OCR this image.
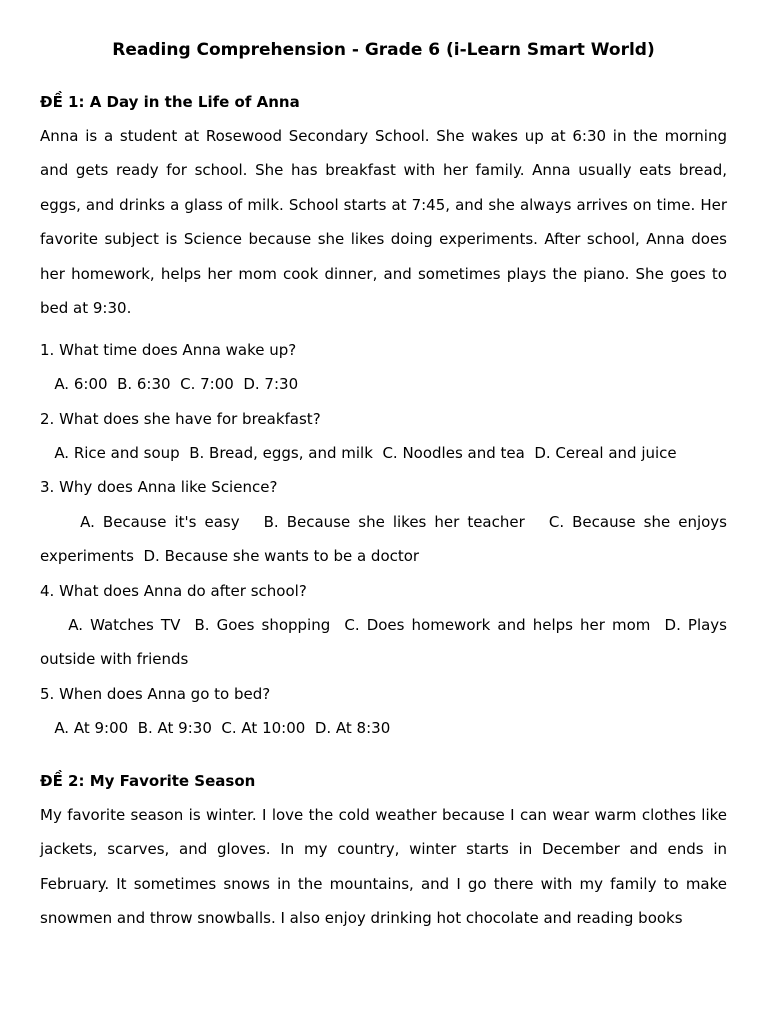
Reading Comprehension - Grade 6 (i-Learn Smart World)
ĐỀ 1: A Day in the Life of Anna

Anna is a student at Rosewood Secondary School. She wakes up at 6:30 in the morning and gets ready for school. She has breakfast with her family. Anna usually eats bread, eggs, and drinks a glass of milk. School starts at 7:45, and she always arrives on time. Her favorite subject is Science because she likes doing experiments. After school, Anna does her homework, helps her mom cook dinner, and sometimes plays the piano. She goes to bed at 9:30.

1. What time does Anna wake up?

A. 6:00  B. 6:30  C. 7:00  D. 7:30

2. What does she have for breakfast?

A. Rice and soup  B. Bread, eggs, and milk  C. Noodles and tea  D. Cereal and juice

3. Why does Anna like Science?

A. Because it's easy   B. Because she likes her teacher   C. Because she enjoys experiments  D. Because she wants to be a doctor

4. What does Anna do after school?

A. Watches TV  B. Goes shopping  C. Does homework and helps her mom  D. Plays outside with friends

5. When does Anna go to bed?

A. At 9:00  B. At 9:30  C. At 10:00  D. At 8:30

ĐỀ 2: My Favorite Season

My favorite season is winter. I love the cold weather because I can wear warm clothes like jackets, scarves, and gloves. In my country, winter starts in December and ends in February. It sometimes snows in the mountains, and I go there with my family to make snowmen and throw snowballs. I also enjoy drinking hot chocolate and reading books
